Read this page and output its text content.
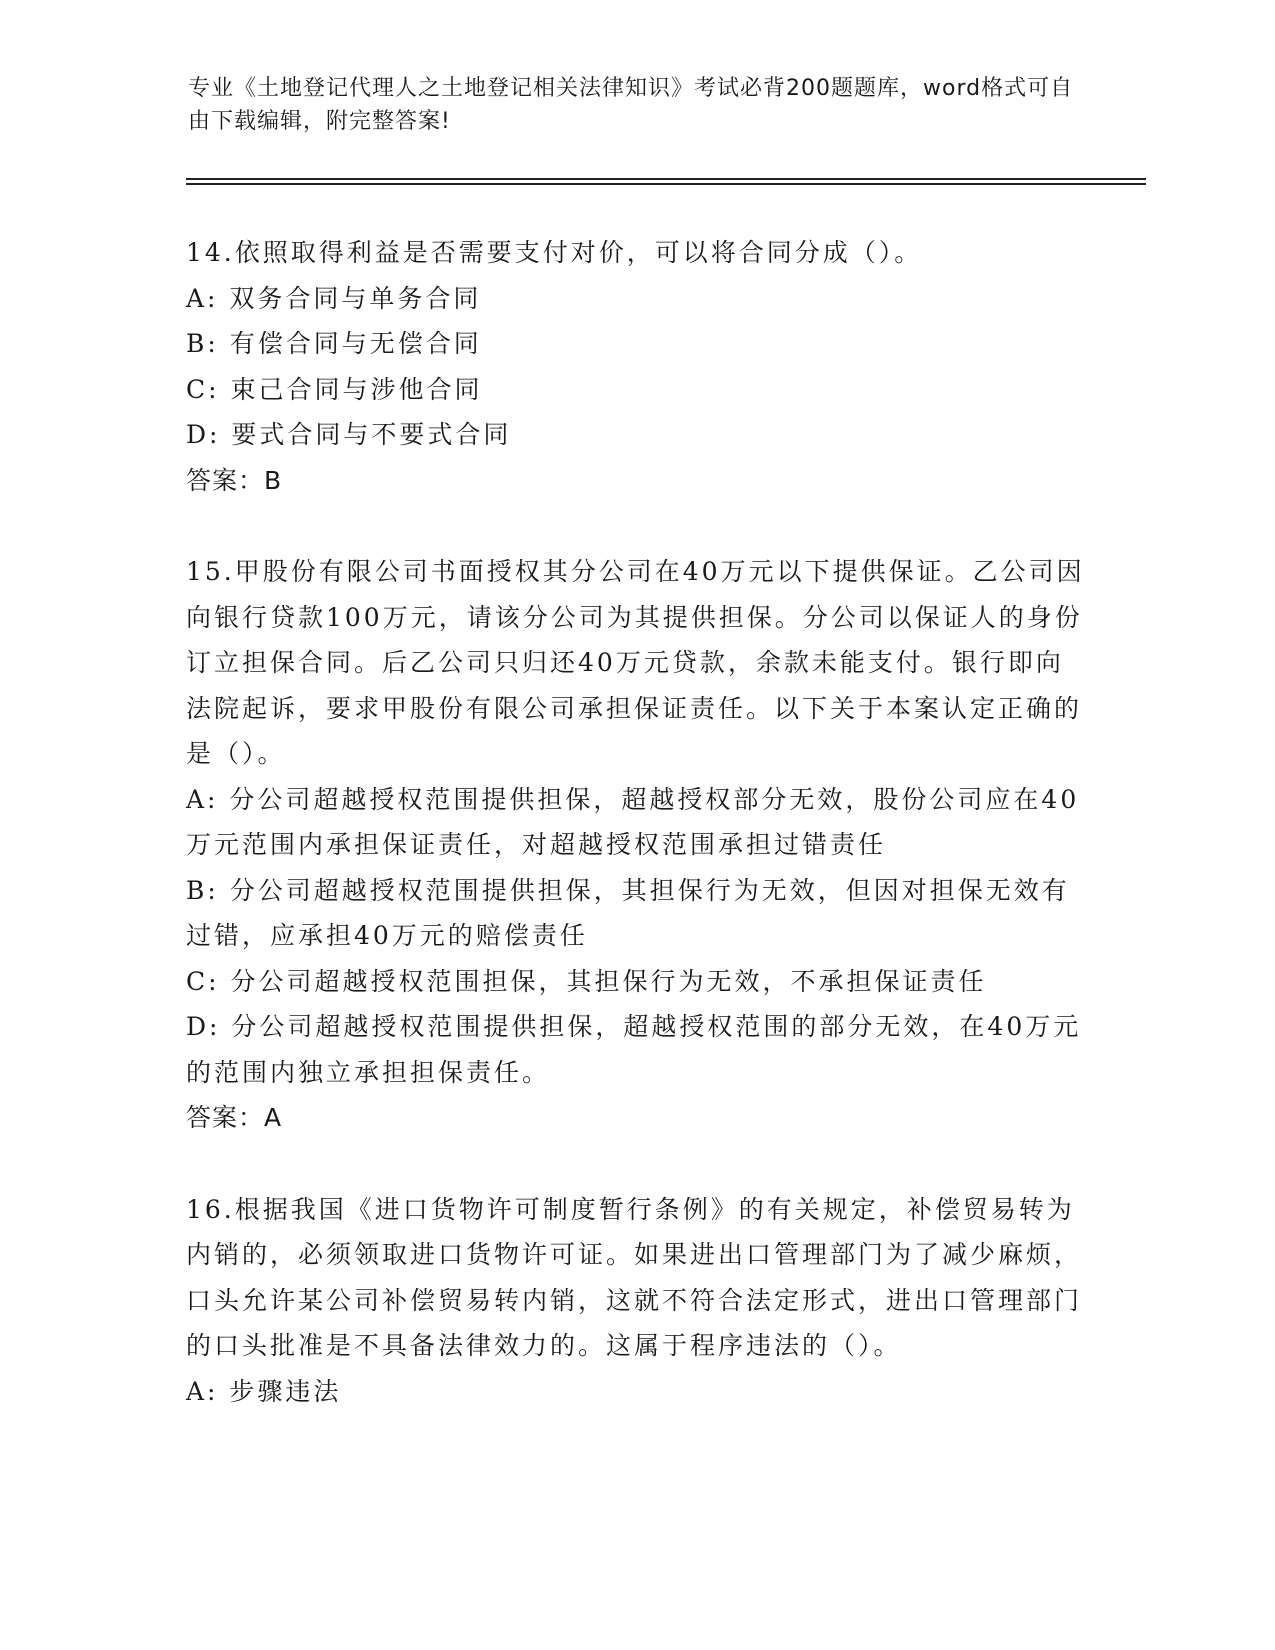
专业《土地登记代理人之土地登记相关法律知识》考试必背200题题库，word格式可自由下载编辑，附完整答案!
14.依照取得利益是否需要支付对价，可以将合同分成（）。
A: 双务合同与单务合同
B: 有偿合同与无偿合同
C: 束己合同与涉他合同
D: 要式合同与不要式合同
答案：B
15.甲股份有限公司书面授权其分公司在40万元以下提供保证。乙公司因向银行贷款100万元，请该分公司为其提供担保。分公司以保证人的身份订立担保合同。后乙公司只归还40万元贷款，余款未能支付。银行即向法院起诉，要求甲股份有限公司承担保证责任。以下关于本案认定正确的是（）。
A: 分公司超越授权范围提供担保，超越授权部分无效，股份公司应在40万元范围内承担保证责任，对超越授权范围承担过错责任
B: 分公司超越授权范围提供担保，其担保行为无效，但因对担保无效有过错，应承担40万元的赔偿责任
C: 分公司超越授权范围担保，其担保行为无效，不承担保证责任
D: 分公司超越授权范围提供担保，超越授权范围的部分无效，在40万元的范围内独立承担担保责任。
答案：A
16.根据我国《进口货物许可制度暂行条例》的有关规定，补偿贸易转为内销的，必须领取进口货物许可证。如果进出口管理部门为了减少麻烦，口头允许某公司补偿贸易转内销，这就不符合法定形式，进出口管理部门的口头批准是不具备法律效力的。这属于程序违法的（）。
A: 步骤违法
